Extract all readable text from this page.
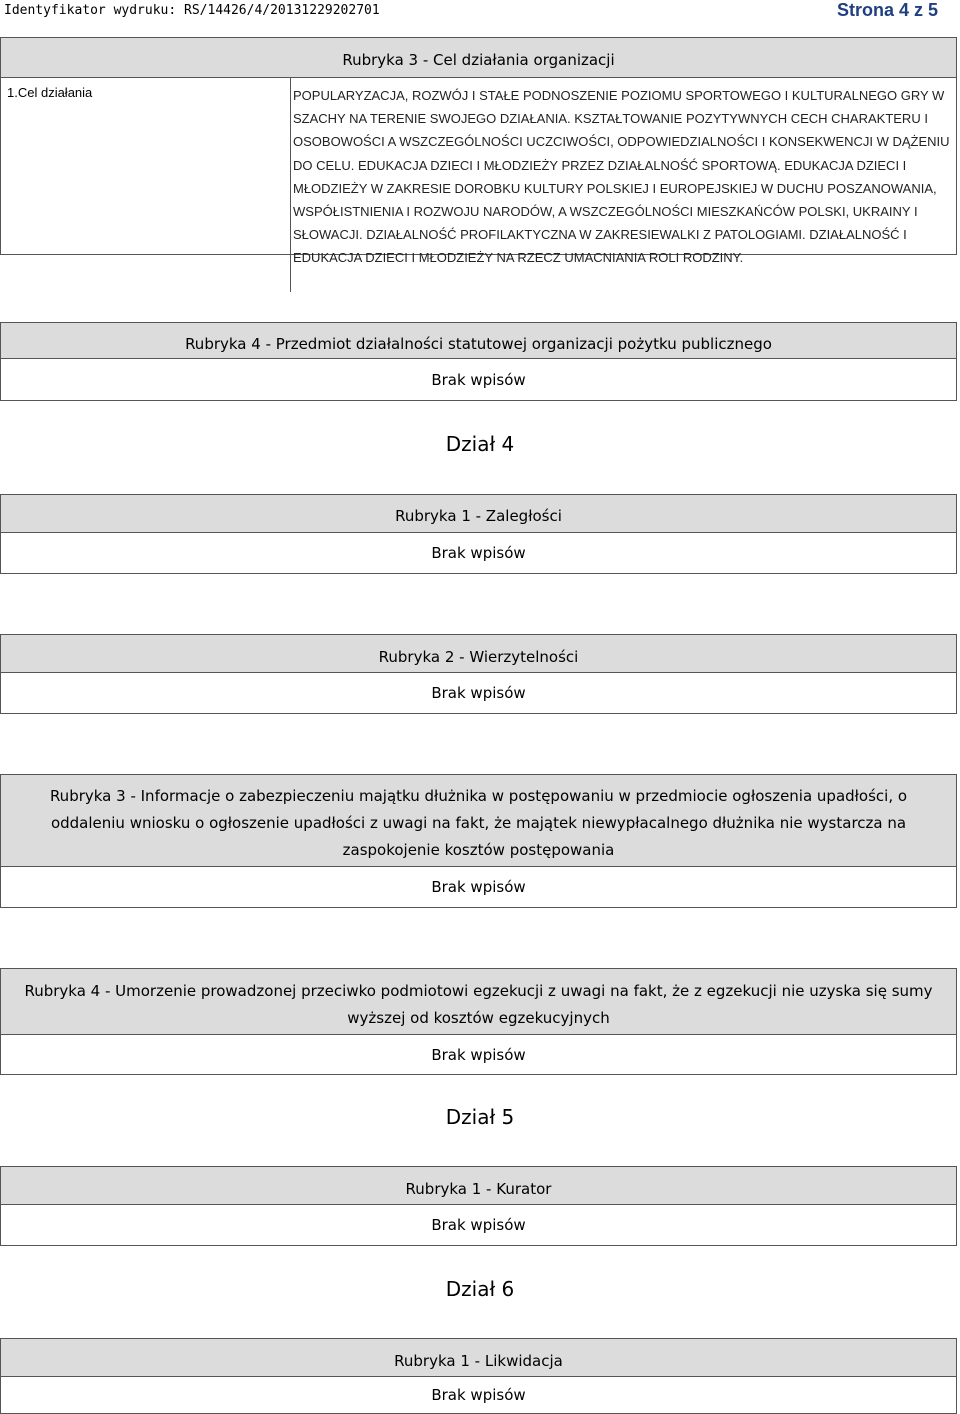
Identyfikator wydruku: RS/14426/4/20131229202701	Strona 4 z 5
Rubryka 3 - Cel działania organizacji
1.Cel działania	POPULARYZACJA, ROZWÓJ I STAŁE PODNOSZENIE POZIOMU SPORTOWEGO I KULTURALNEGO GRY W SZACHY NA TERENIE SWOJEGO DZIAŁANIA. KSZTAŁTOWANIE POZYTYWNYCH CECH CHARAKTERU I OSOBOWOŚCI A WSZCZEGÓLNOŚCI UCZCIWOŚCI, ODPOWIEDZIALNOŚCI I KONSEKWENCJI W DĄŻENIU DO CELU. EDUKACJA DZIECI I MŁODZIEŻY PRZEZ DZIAŁALNOŚĆ SPORTOWĄ. EDUKACJA DZIECI I MŁODZIEŻY W ZAKRESIE DOROBKU KULTURY POLSKIEJ I EUROPEJSKIEJ W DUCHU POSZANOWANIA, WSPÓŁISTNIENIA I ROZWOJU NARODÓW, A WSZCZEGÓLNOŚCI MIESZKAŃCÓW POLSKI, UKRAINY I SŁOWACJI. DZIAŁALNOŚĆ PROFILAKTYCZNA W ZAKRESIEWALKI Z PATOLOGIAMI. DZIAŁALNOŚĆ I EDUKACJA DZIECI I MŁODZIEŻY NA RZECZ UMACNIANIA ROLI RODZINY.
Rubryka 4 - Przedmiot działalności statutowej organizacji pożytku publicznego
Brak wpisów
Dział 4
Rubryka 1 - Zaległości
Brak wpisów
Rubryka 2 - Wierzytelności
Brak wpisów
Rubryka 3 - Informacje o zabezpieczeniu majątku dłużnika w postępowaniu w przedmiocie ogłoszenia upadłości, o oddaleniu wniosku o ogłoszenie upadłości z uwagi na fakt, że majątek niewypłacalnego dłużnika nie wystarcza na zaspokojenie kosztów postępowania
Brak wpisów
Rubryka 4 - Umorzenie prowadzonej przeciwko podmiotowi egzekucji z uwagi na fakt, że z egzekucji nie uzyska się sumy wyższej od kosztów egzekucyjnych
Brak wpisów
Dział 5
Rubryka 1 - Kurator
Brak wpisów
Dział 6
Rubryka 1 - Likwidacja
Brak wpisów
